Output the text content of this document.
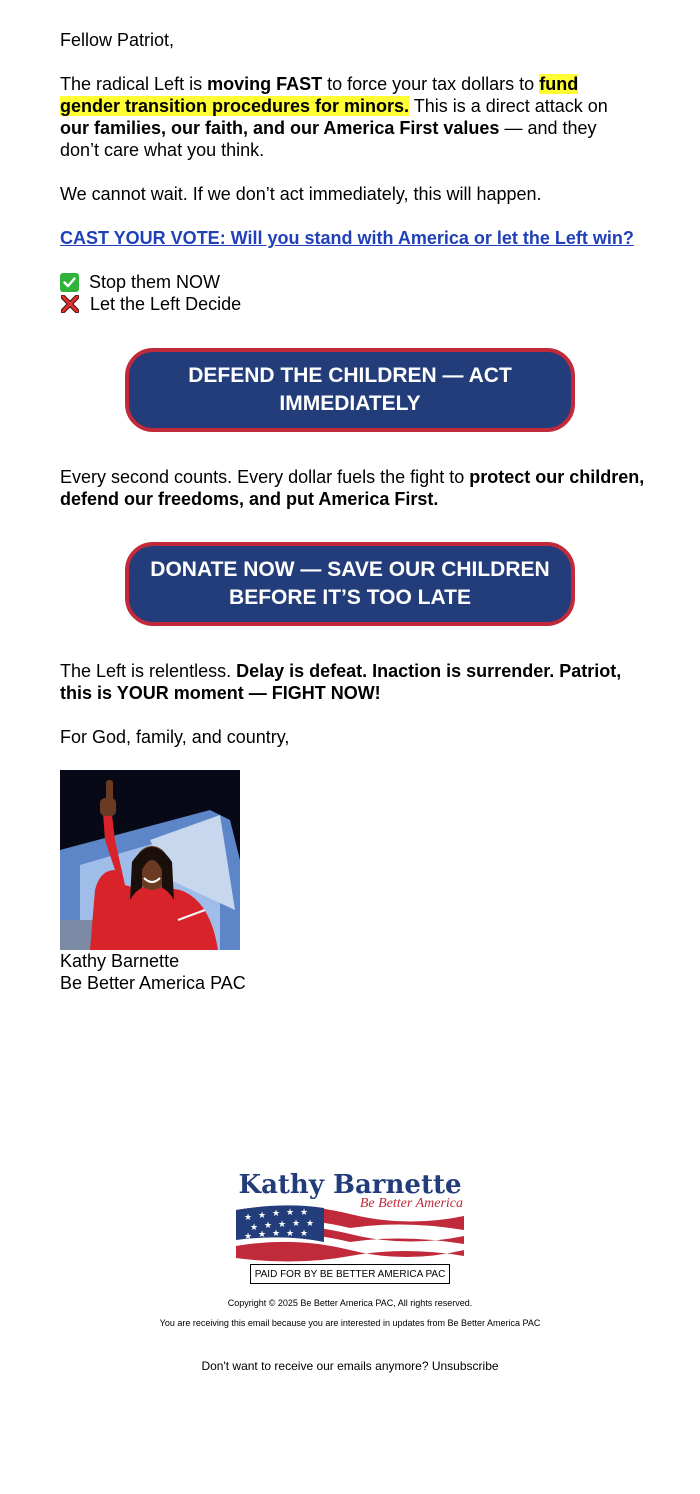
Fellow Patriot,

The radical Left is moving FAST to force your tax dollars to fund gender transition procedures for minors. This is a direct attack on our families, our faith, and our America First values — and they don’t care what you think.

We cannot wait. If we don’t act immediately, this will happen.

CAST YOUR VOTE: Will you stand with America or let the Left win?
Stop them NOW
Let the Left Decide
DEFEND THE CHILDREN — ACT IMMEDIATELY

Every second counts. Every dollar fuels the fight to protect our children, defend our freedoms, and put America First.

DONATE NOW — SAVE OUR CHILDREN BEFORE IT’S TOO LATE

The Left is relentless. Delay is defeat. Inaction is surrender. Patriot, this is YOUR moment — FIGHT NOW!

For God, family, and country,
Kathy Barnette
Be Better America PAC
Kathy Barnette
Be Better America
★ ★ ★ ★ ★
★ ★ ★ ★ ★
★ ★ ★ ★ ★
PAID FOR BY BE BETTER AMERICA PAC
Copyright © 2025 Be Better America PAC, All rights reserved.
You are receiving this email because you are interested in updates from Be Better America PAC
Don't want to receive our emails anymore? Unsubscribe
